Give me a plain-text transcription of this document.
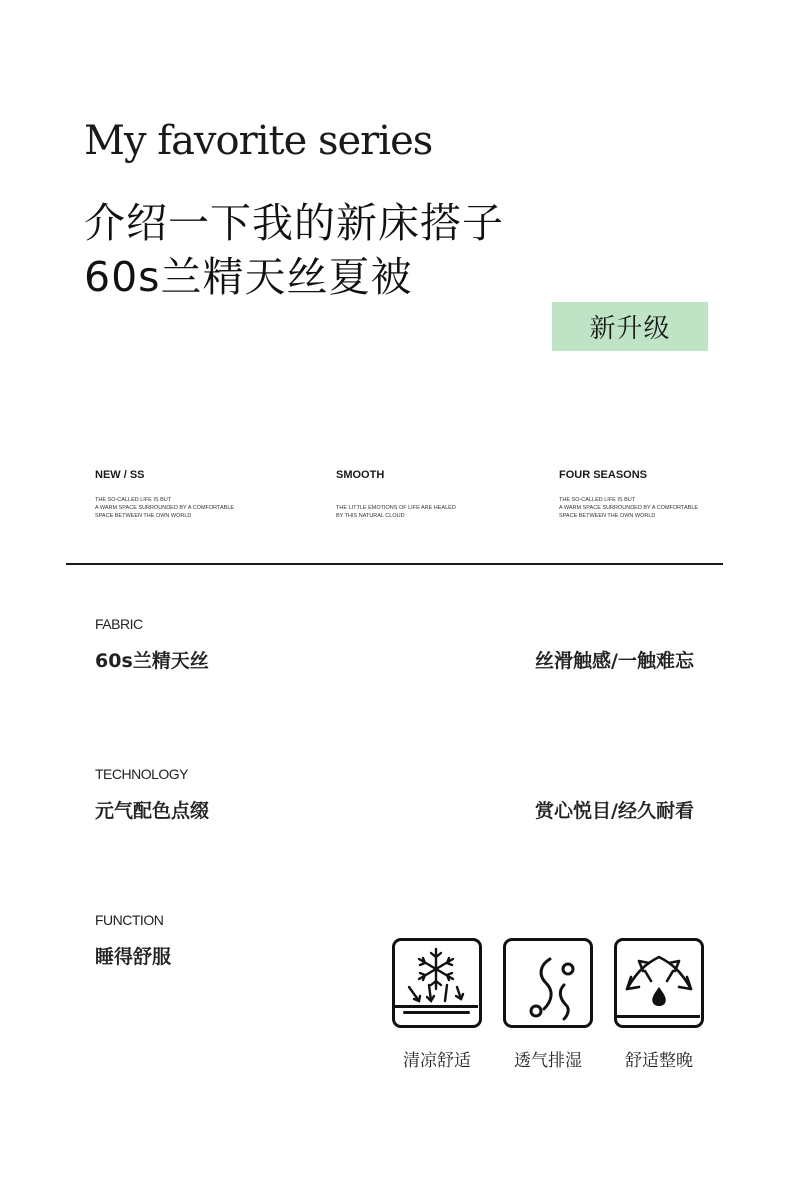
My favorite series
介绍一下我的新床搭子
60s兰精天丝夏被
新升级
NEW / SS
THE SO-CALLED LIFE IS BUT
A WARM SPACE SURROUNDED BY A COMFORTABLE
SPACE BETWEEN THE OWN WORLD
SMOOTH
THE LITTLE EMOTIONS OF LIFE ARE HEALED
BY THIS NATURAL CLOUD
FOUR SEASONS
THE SO-CALLED LIFE IS BUT
A WARM SPACE SURROUNDED BY A COMFORTABLE
SPACE BETWEEN THE OWN WORLD
FABRIC
60s兰精天丝	丝滑触感/一触难忘
TECHNOLOGY
元气配色点缀	赏心悦目/经久耐看
FUNCTION
睡得舒服
清凉舒适	透气排湿	舒适整晚
